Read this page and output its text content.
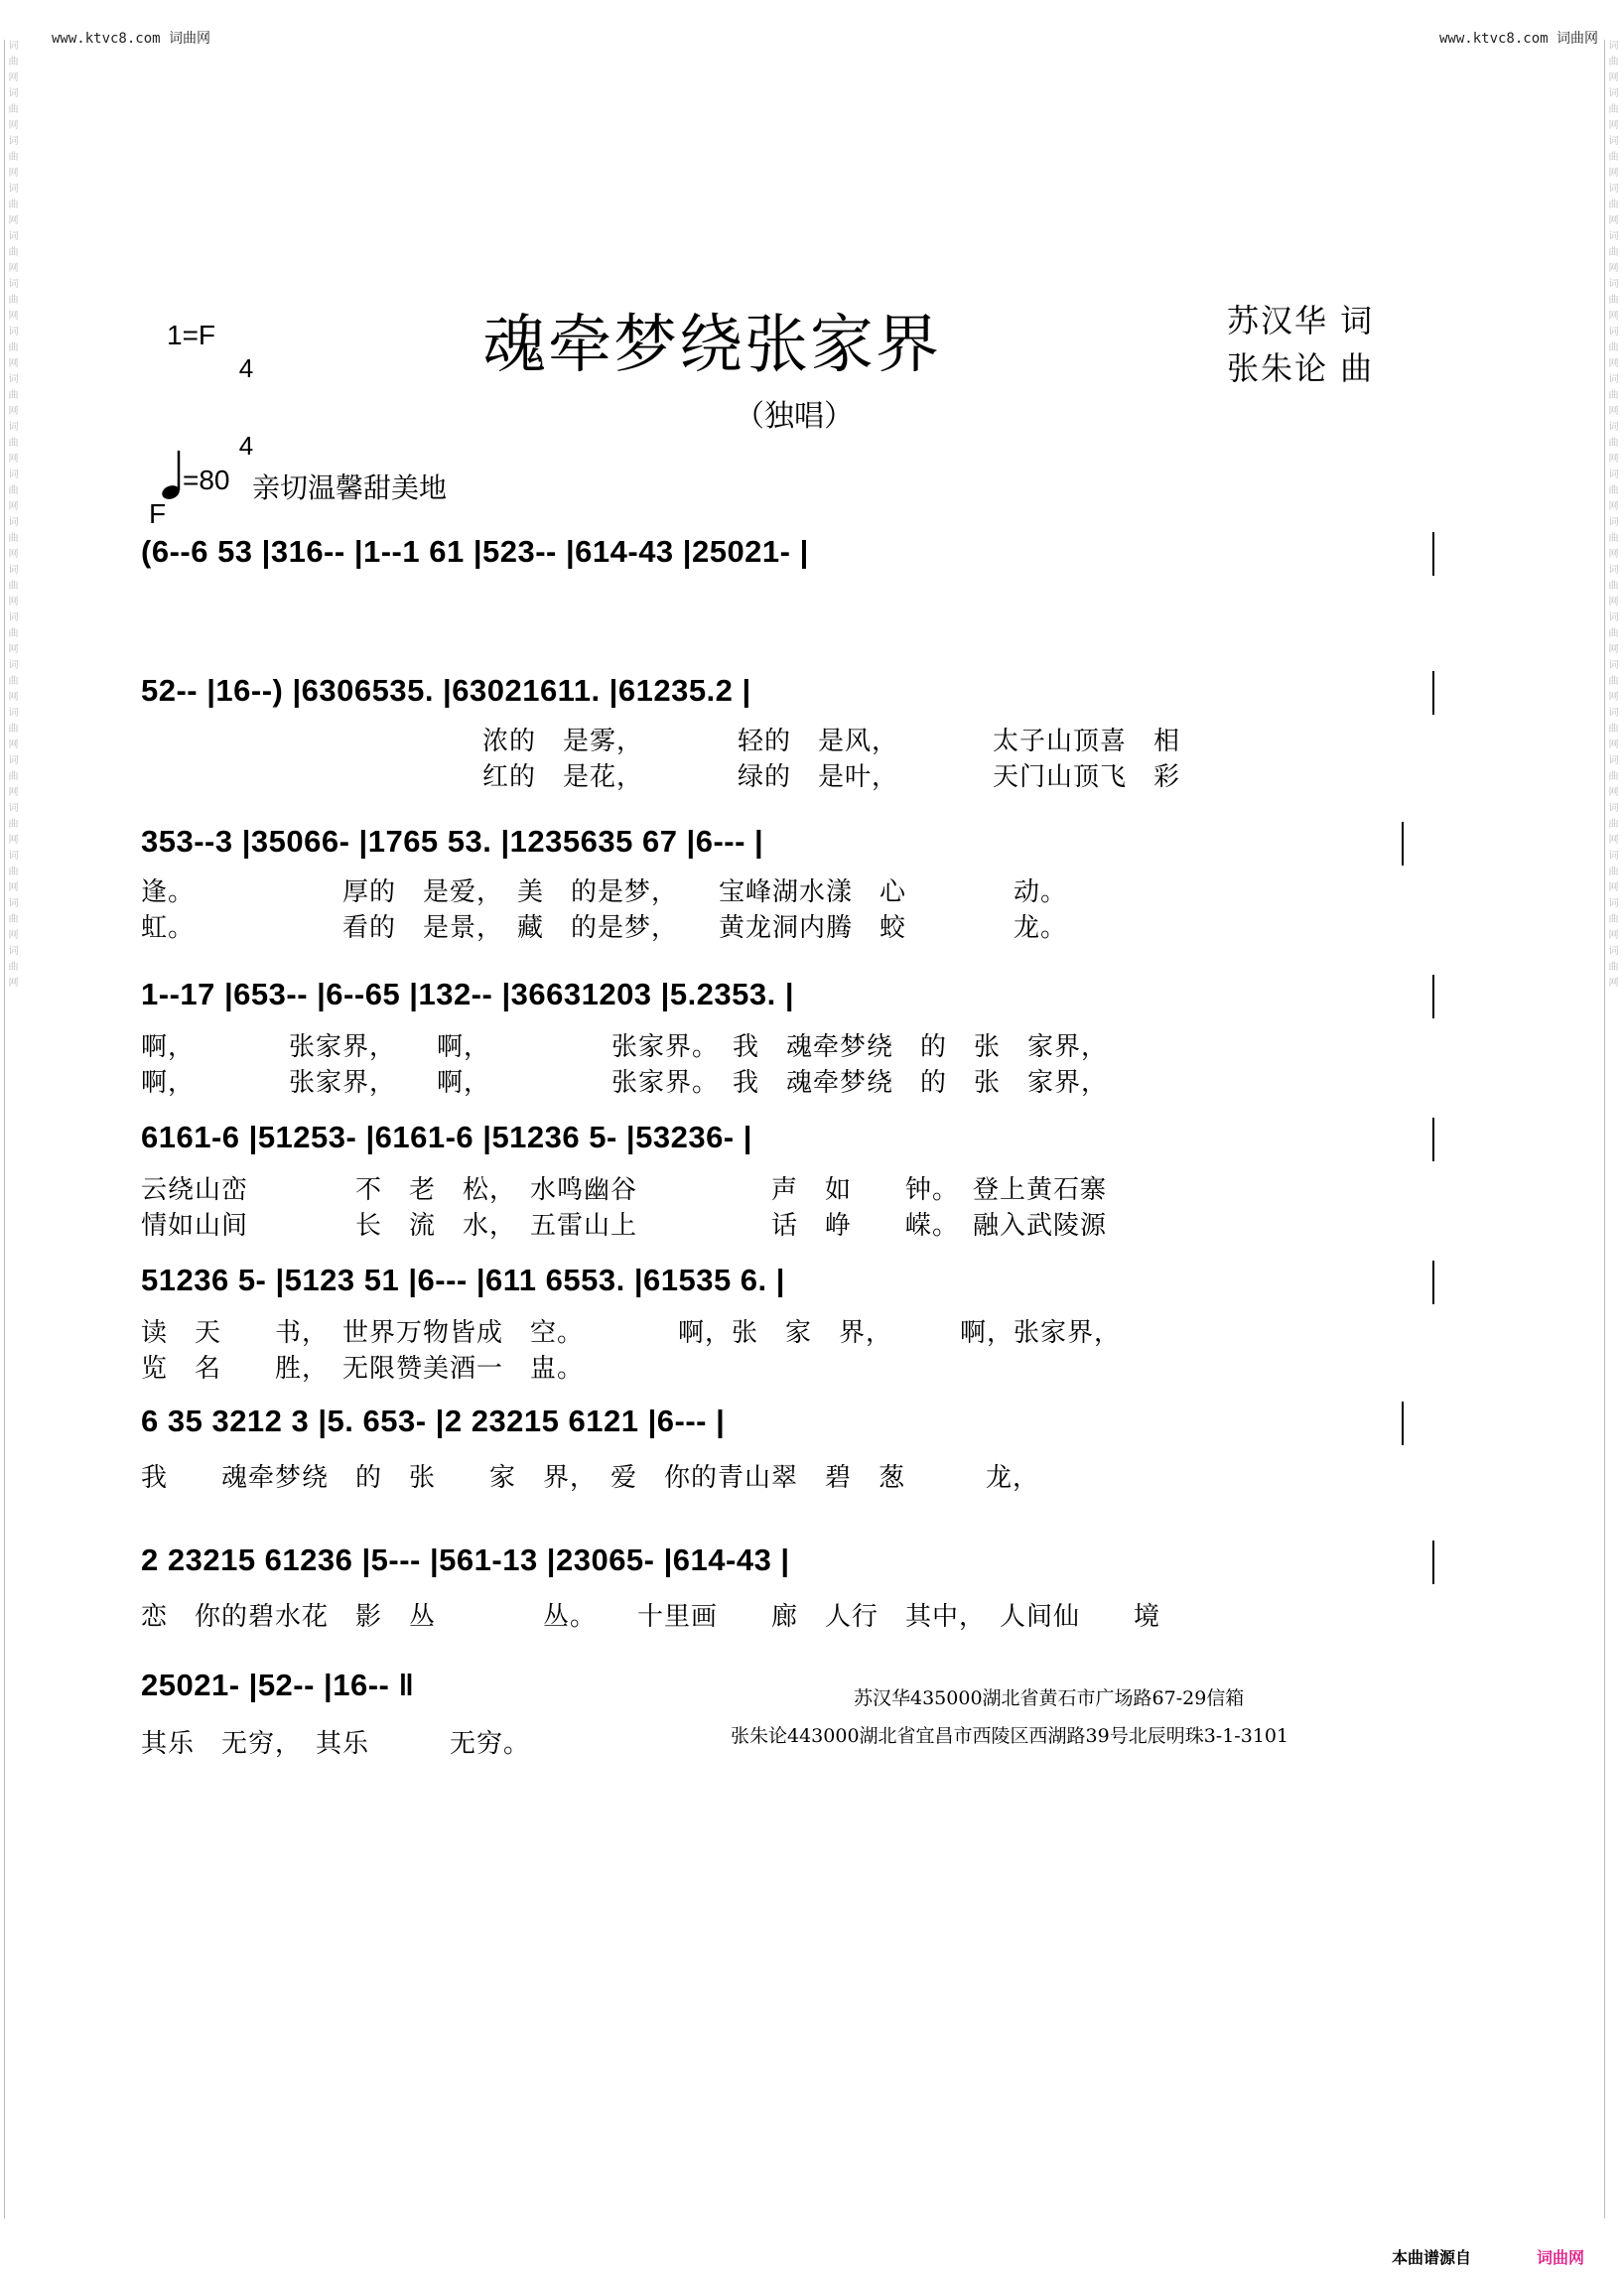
www.ktvc8.com 词曲网	www.ktvc8.com 词曲网
词曲网词曲网词曲网词曲网词曲网词曲网词曲网词曲网词曲网词曲网词曲网词曲网词曲网词曲网词曲网词曲网词曲网词曲网词曲网词曲网	词曲网词曲网词曲网词曲网词曲网词曲网词曲网词曲网词曲网词曲网词曲网词曲网词曲网词曲网词曲网词曲网词曲网词曲网词曲网词曲网
1=F

4

4

魂牵梦绕张家界
（独唱）
苏汉华 词
张朱论 曲
=80 亲切温馨甜美地
F
(6--6 53 |316-- |1--1 61 |523-- |614-43 |25021- |
52-- |16--) |6306535. |63021611. |61235.2 |
浓的　是雾，　　　　轻的　是风，　　　　太子山顶喜　相
红的　是花，　　　　绿的　是叶，　　　　天门山顶飞　彩
353--3 |35066- |1765 53. |1235635 67 |6--- |
逢。　　　　　　厚的　是爱，　美　的是梦，　　宝峰湖水漾　心　　　　动。
虹。　　　　　　看的　是景，　藏　的是梦，　　黄龙洞内腾　蛟　　　　龙。
1--17 |653-- |6--65 |132-- |36631203 |5.2353. |
啊，　　　　张家界，　　啊，　　　　　张家界。　我　魂牵梦绕　的　张　家界，
啊，　　　　张家界，　　啊，　　　　　张家界。　我　魂牵梦绕　的　张　家界，
6161-6 |51253- |6161-6 |51236 5- |53236- |
云绕山峦　　　　不　老　松，　水鸣幽谷　　　　　声　如　　钟。　登上黄石寨
情如山间　　　　长　流　水，　五雷山上　　　　　话　峥　　嵘。　融入武陵源
51236 5- |5123 51 |6--- |611 6553. |61535 6. |
读　天　　书，　世界万物皆成　空。　　　　啊，张　家　界，　　　啊，张家界，
览　名　　胜，　无限赞美酒一　盅。
6 35 3212 3 |5. 653- |2 23215 6121 |6--- |
我　　魂牵梦绕　的　张　　家　界，　爱　你的青山翠　碧　葱　　　龙，
2 23215 61236 |5--- |561-13 |23065- |614-43 |
恋　你的碧水花　影　丛　　　　丛。　　十里画　　廊　人行　其中，　人间仙　　境
25021- |52-- |16-- ‖
其乐　无穷，　其乐　　　无穷。
苏汉华435000湖北省黄石市广场路67-29信箱
张朱论443000湖北省宜昌市西陵区西湖路39号北辰明珠3-1-3101
本曲谱源自	词曲网
